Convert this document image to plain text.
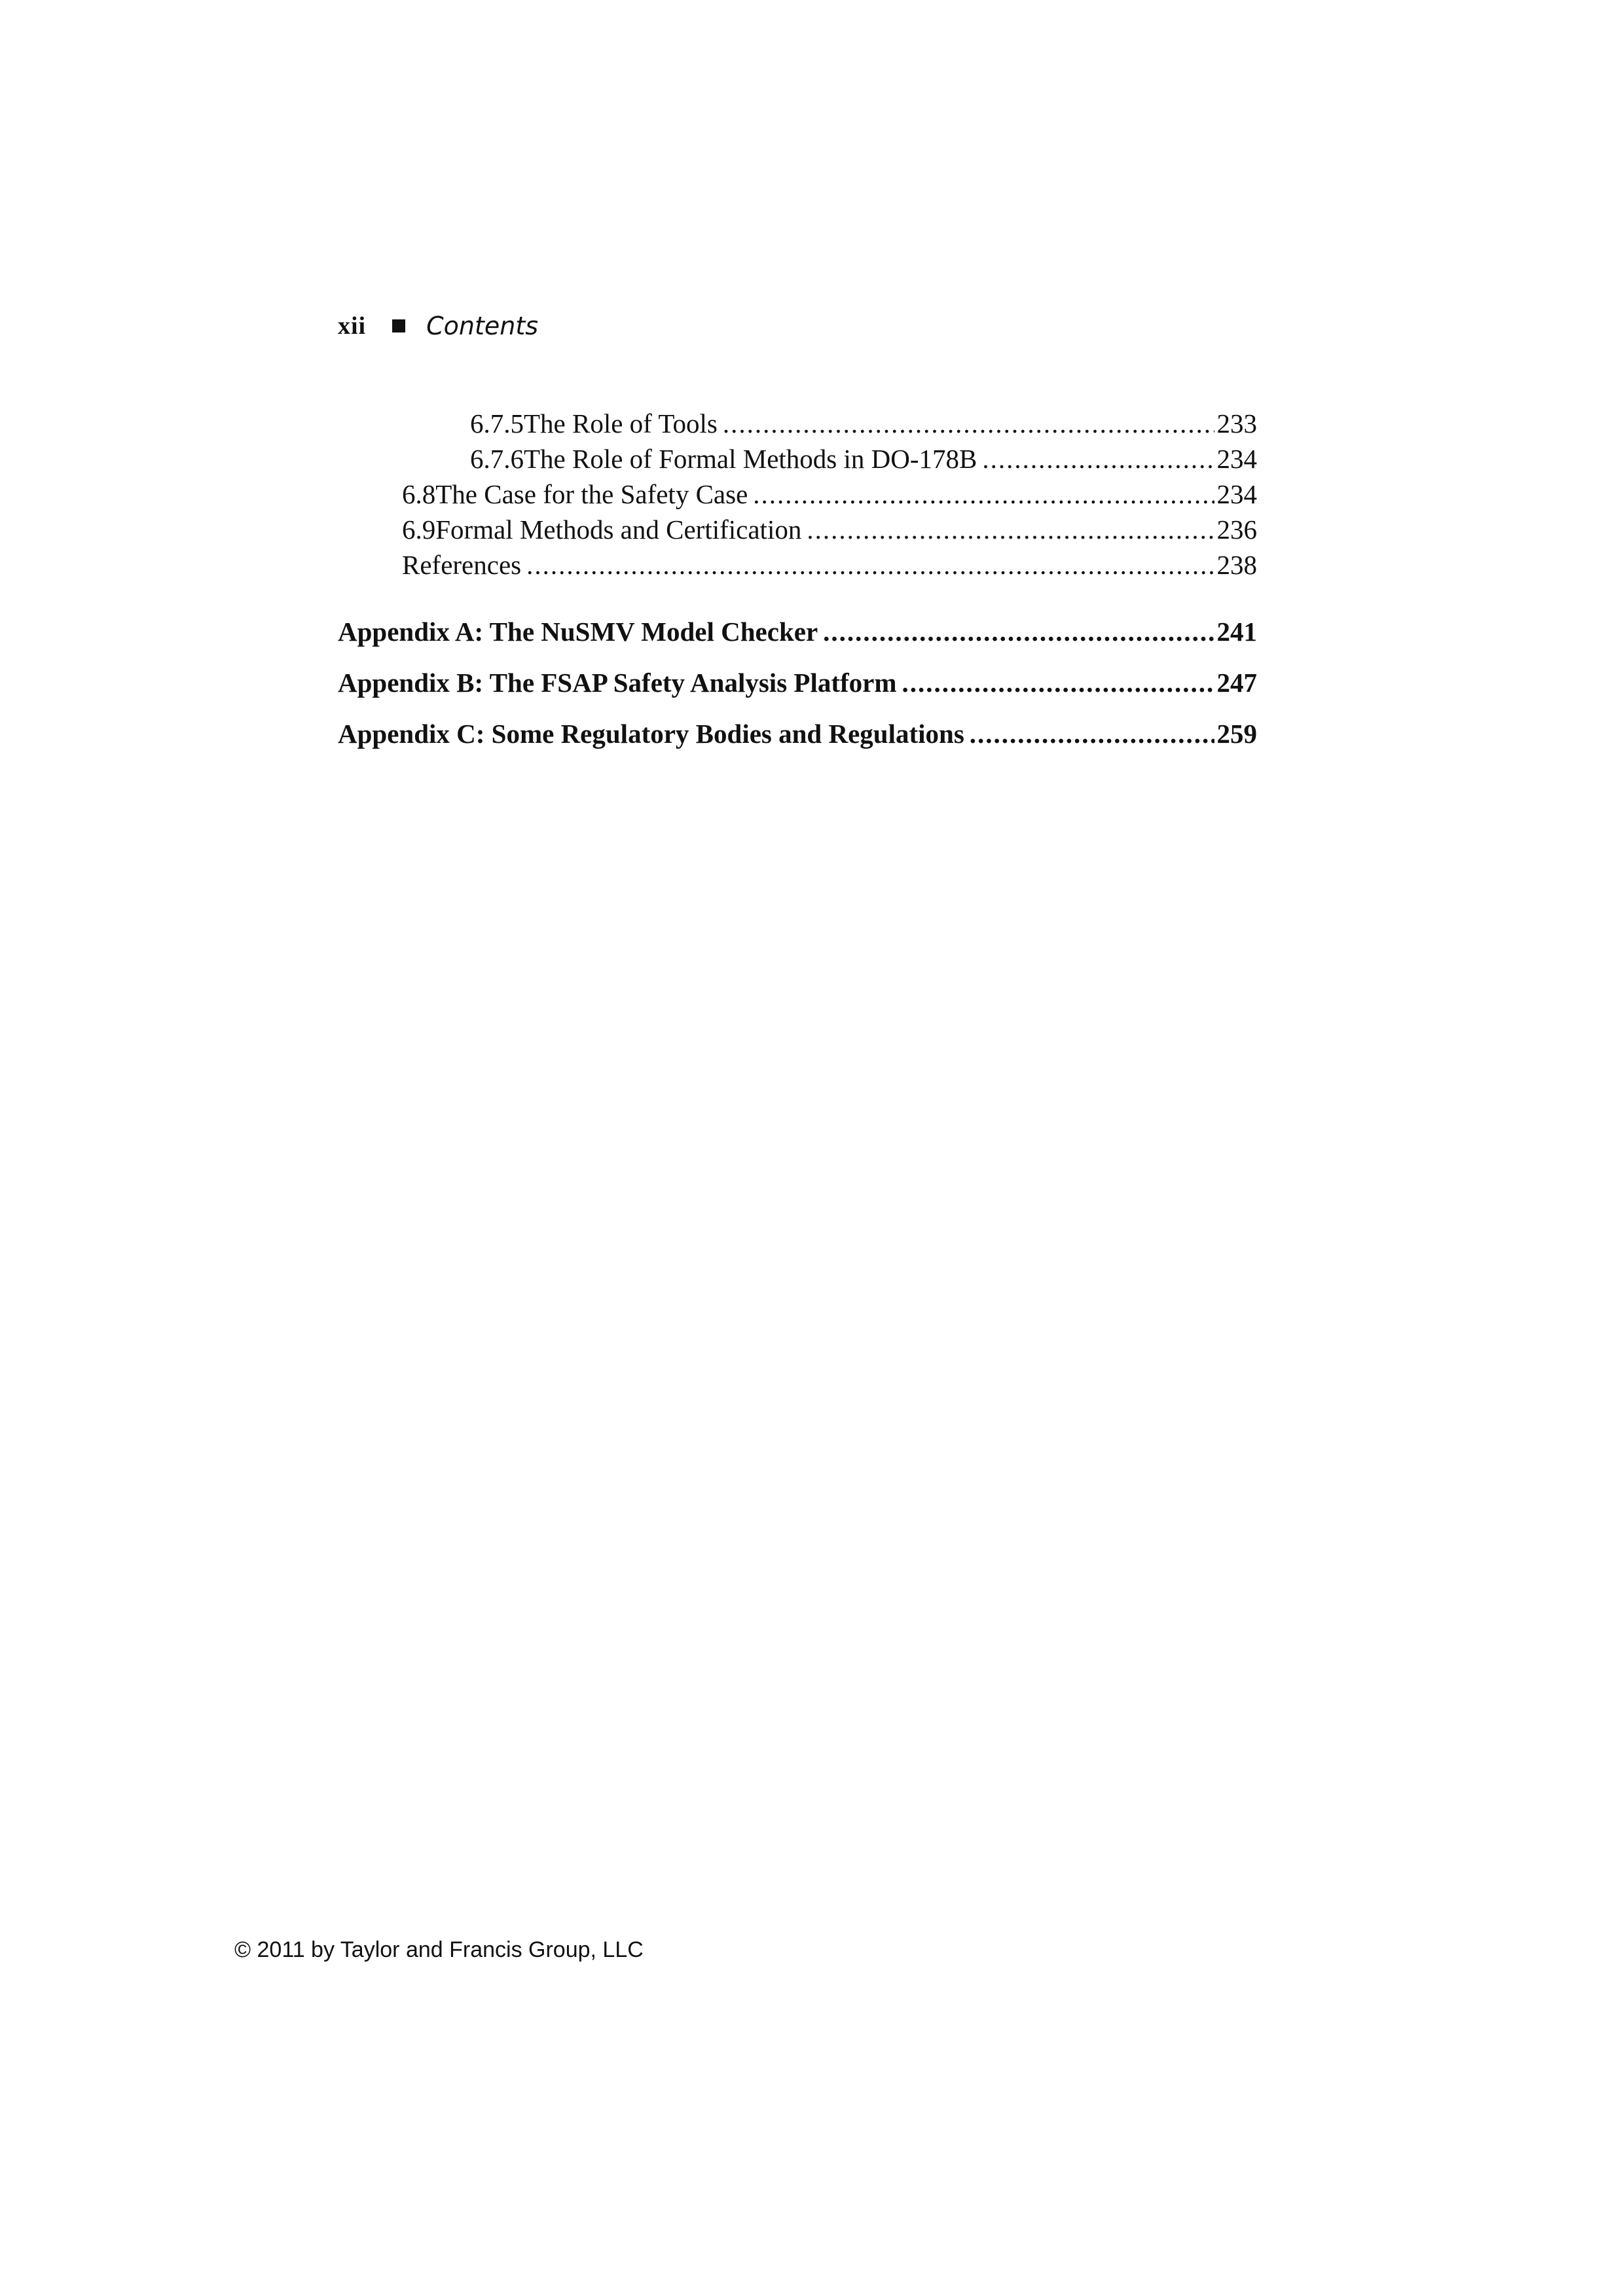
xii Contents
6.7.5 The Role of Tools .....	233
6.7.6 The Role of Formal Methods in DO-178B .....	234
6.8 The Case for the Safety Case .....	234
6.9 Formal Methods and Certification .....	236
References .....	238
Appendix A: The NuSMV Model Checker .....	241
Appendix B: The FSAP Safety Analysis Platform .....	247
Appendix C: Some Regulatory Bodies and Regulations .....	259
© 2011 by Taylor and Francis Group, LLC
